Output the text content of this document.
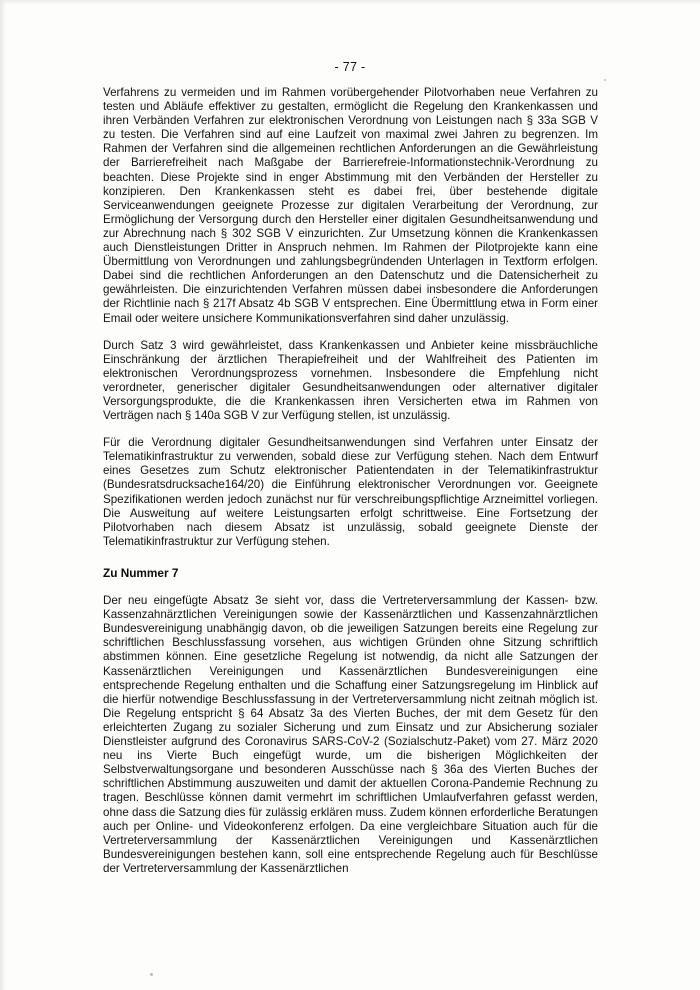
- 77 -

Verfahrens zu vermeiden und im Rahmen vorübergehender Pilotvorhaben neue Verfahren zu testen und Abläufe effektiver zu gestalten, ermöglicht die Regelung den Krankenkassen und ihren Verbänden Verfahren zur elektronischen Verordnung von Leistungen nach § 33a SGB V zu testen. Die Verfahren sind auf eine Laufzeit von maximal zwei Jahren zu begrenzen. Im Rahmen der Verfahren sind die allgemeinen rechtlichen Anforderungen an die Gewährleistung der Barrierefreiheit nach Maßgabe der Barrierefreie-Informationstechnik-Verordnung zu beachten. Diese Projekte sind in enger Abstimmung mit den Verbänden der Hersteller zu konzipieren. Den Krankenkassen steht es dabei frei, über bestehende digitale Serviceanwendungen geeignete Prozesse zur digitalen Verarbeitung der Verordnung, zur Ermöglichung der Versorgung durch den Hersteller einer digitalen Gesundheitsanwendung und zur Abrechnung nach § 302 SGB V einzurichten. Zur Umsetzung können die Krankenkassen auch Dienstleistungen Dritter in Anspruch nehmen. Im Rahmen der Pilotprojekte kann eine Übermittlung von Verordnungen und zahlungsbegründenden Unterlagen in Textform erfolgen. Dabei sind die rechtlichen Anforderungen an den Datenschutz und die Datensicherheit zu gewährleisten. Die einzurichtenden Verfahren müssen dabei insbesondere die Anforderungen der Richtlinie nach § 217f Absatz 4b SGB V entsprechen. Eine Übermittlung etwa in Form einer Email oder weitere unsichere Kommunikationsverfahren sind daher unzulässig.

Durch Satz 3 wird gewährleistet, dass Krankenkassen und Anbieter keine missbräuchliche Einschränkung der ärztlichen Therapiefreiheit und der Wahlfreiheit des Patienten im elektronischen Verordnungsprozess vornehmen. Insbesondere die Empfehlung nicht verordneter, generischer digitaler Gesundheitsanwendungen oder alternativer digitaler Versorgungsprodukte, die die Krankenkassen ihren Versicherten etwa im Rahmen von Verträgen nach § 140a SGB V zur Verfügung stellen, ist unzulässig.

Für die Verordnung digitaler Gesundheitsanwendungen sind Verfahren unter Einsatz der Telematikinfrastruktur zu verwenden, sobald diese zur Verfügung stehen. Nach dem Entwurf eines Gesetzes zum Schutz elektronischer Patientendaten in der Telematikinfrastruktur (Bundesratsdrucksache164/20) die Einführung elektronischer Verordnungen vor. Geeignete Spezifikationen werden jedoch zunächst nur für verschreibungspflichtige Arzneimittel vorliegen. Die Ausweitung auf weitere Leistungsarten erfolgt schrittweise. Eine Fortsetzung der Pilotvorhaben nach diesem Absatz ist unzulässig, sobald geeignete Dienste der Telematikinfrastruktur zur Verfügung stehen.

Zu Nummer 7

Der neu eingefügte Absatz 3e sieht vor, dass die Vertreterversammlung der Kassen- bzw. Kassenzahnärztlichen Vereinigungen sowie der Kassenärztlichen und Kassenzahnärztlichen Bundesvereinigung unabhängig davon, ob die jeweiligen Satzungen bereits eine Regelung zur schriftlichen Beschlussfassung vorsehen, aus wichtigen Gründen ohne Sitzung schriftlich abstimmen können. Eine gesetzliche Regelung ist notwendig, da nicht alle Satzungen der Kassenärztlichen Vereinigungen und Kassenärztlichen Bundesvereinigungen eine entsprechende Regelung enthalten und die Schaffung einer Satzungsregelung im Hinblick auf die hierfür notwendige Beschlussfassung in der Vertreterversammlung nicht zeitnah möglich ist. Die Regelung entspricht § 64 Absatz 3a des Vierten Buches, der mit dem Gesetz für den erleichterten Zugang zu sozialer Sicherung und zum Einsatz und zur Absicherung sozialer Dienstleister aufgrund des Coronavirus SARS-CoV-2 (Sozialschutz-Paket) vom 27. März 2020 neu ins Vierte Buch eingefügt wurde, um die bisherigen Möglichkeiten der Selbstverwaltungsorgane und besonderen Ausschüsse nach § 36a des Vierten Buches der schriftlichen Abstimmung auszuweiten und damit der aktuellen Corona-Pandemie Rechnung zu tragen. Beschlüsse können damit vermehrt im schriftlichen Umlaufverfahren gefasst werden, ohne dass die Satzung dies für zulässig erklären muss. Zudem können erforderliche Beratungen auch per Online- und Videokonferenz erfolgen. Da eine vergleichbare Situation auch für die Vertreterversammlung der Kassenärztlichen Vereinigungen und Kassenärztlichen Bundesvereinigungen bestehen kann, soll eine entsprechende Regelung auch für Beschlüsse der Vertreterversammlung der Kassenärztlichen
